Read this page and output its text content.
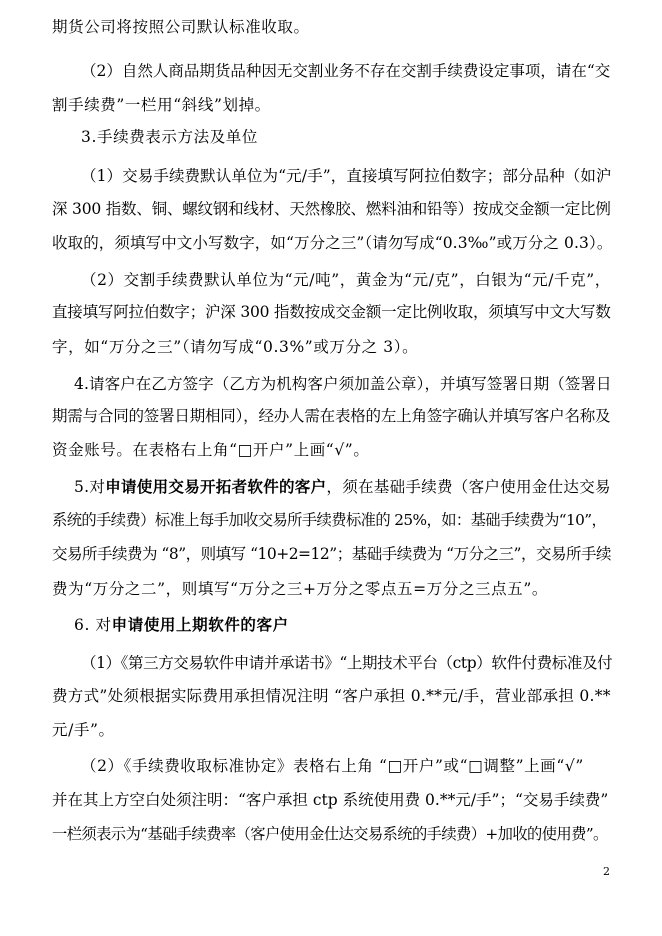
期货公司将按照公司默认标准收取。
（2）自然人商品期货品种因无交割业务不存在交割手续费设定事项，请在“交
割手续费”一栏用“斜线”划掉。
3.手续费表示方法及单位
（1）交易手续费默认单位为“元/手”，直接填写阿拉伯数字；部分品种（如沪
深 300 指数、铜、螺纹钢和线材、天然橡胶、燃料油和铅等）按成交金额一定比例
收取的，须填写中文小写数字，如“万分之三”（请勿写成“0.3‰”或万分之 0.3）。
（2）交割手续费默认单位为“元/吨”，黄金为“元/克”，白银为“元/千克”，
直接填写阿拉伯数字；沪深 300 指数按成交金额一定比例收取，须填写中文大写数
字，如“万分之三”（请勿写成“0.3%”或万分之 3）。
4.请客户在乙方签字（乙方为机构客户须加盖公章），并填写签署日期（签署日
期需与合同的签署日期相同），经办人需在表格的左上角签字确认并填写客户名称及
资金账号。在表格右上角“□开户”上画“√”。
5.对申请使用交易开拓者软件的客户，须在基础手续费（客户使用金仕达交易
系统的手续费）标准上每手加收交易所手续费标准的 25%，如：基础手续费为“10”，
交易所手续费为 “8”，则填写 “10+2=12”；基础手续费为 “万分之三”，交易所手续
费为“万分之二”，则填写“万分之三+万分之零点五=万分之三点五”。
6. 对申请使用上期软件的客户
（1）《第三方交易软件申请并承诺书》“上期技术平台（ctp）软件付费标准及付
费方式”处须根据实际费用承担情况注明 “客户承担 0.**元/手，营业部承担 0.**
元/手”。
（2）《手续费收取标准协定》表格右上角 “□开户”或“□调整”上画“√”
并在其上方空白处须注明：“客户承担 ctp 系统使用费 0.**元/手”；“交易手续费”
一栏须表示为“基础手续费率（客户使用金仕达交易系统的手续费）+加收的使用费”。
2
